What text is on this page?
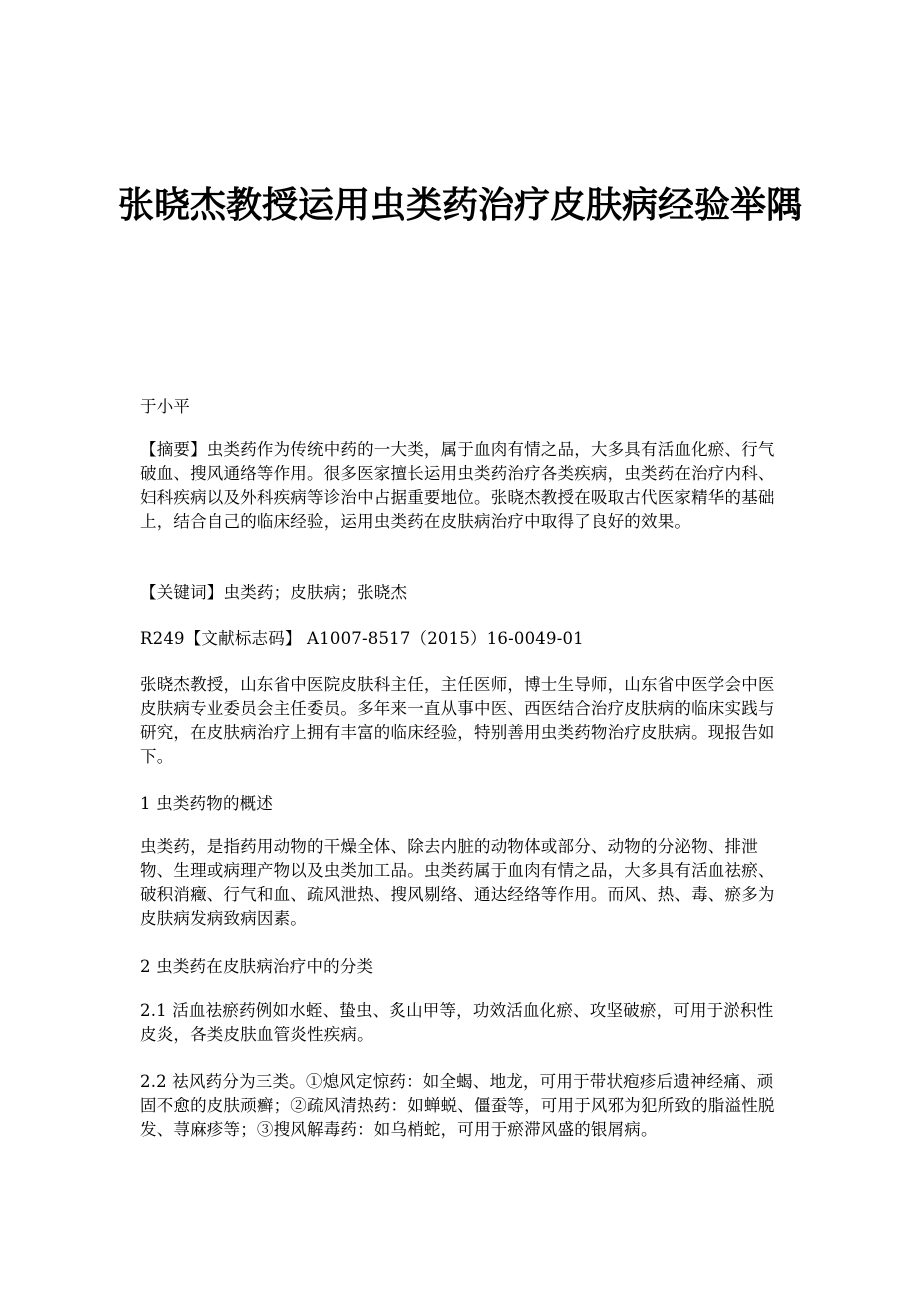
张晓杰教授运用虫类药治疗皮肤病经验举隅

于小平

【摘要】虫类药作为传统中药的一大类，属于血肉有情之品，大多具有活血化瘀、行气破血、搜风通络等作用。很多医家擅长运用虫类药治疗各类疾病，虫类药在治疗内科、妇科疾病以及外科疾病等诊治中占据重要地位。张晓杰教授在吸取古代医家精华的基础上，结合自己的临床经验，运用虫类药在皮肤病治疗中取得了良好的效果。

【关键词】虫类药；皮肤病；张晓杰

R249【文献标志码】 A1007-8517（2015）16-0049-01

张晓杰教授，山东省中医院皮肤科主任，主任医师，博士生导师，山东省中医学会中医皮肤病专业委员会主任委员。多年来一直从事中医、西医结合治疗皮肤病的临床实践与研究，在皮肤病治疗上拥有丰富的临床经验，特别善用虫类药物治疗皮肤病。现报告如下。

1 虫类药物的概述

虫类药，是指药用动物的干燥全体、除去内脏的动物体或部分、动物的分泌物、排泄物、生理或病理产物以及虫类加工品。虫类药属于血肉有情之品，大多具有活血祛瘀、破积消癥、行气和血、疏风泄热、搜风剔络、通达经络等作用。而风、热、毒、瘀多为皮肤病发病致病因素。

2 虫类药在皮肤病治疗中的分类

2.1 活血祛瘀药例如水蛭、蛰虫、炙山甲等，功效活血化瘀、攻坚破瘀，可用于淤积性皮炎，各类皮肤血管炎性疾病。

2.2 祛风药分为三类。①熄风定惊药：如全蝎、地龙，可用于带状疱疹后遗神经痛、顽固不愈的皮肤顽癣；②疏风清热药：如蝉蜕、僵蚕等，可用于风邪为犯所致的脂溢性脱发、荨麻疹等；③搜风解毒药：如乌梢蛇，可用于瘀滞风盛的银屑病。
